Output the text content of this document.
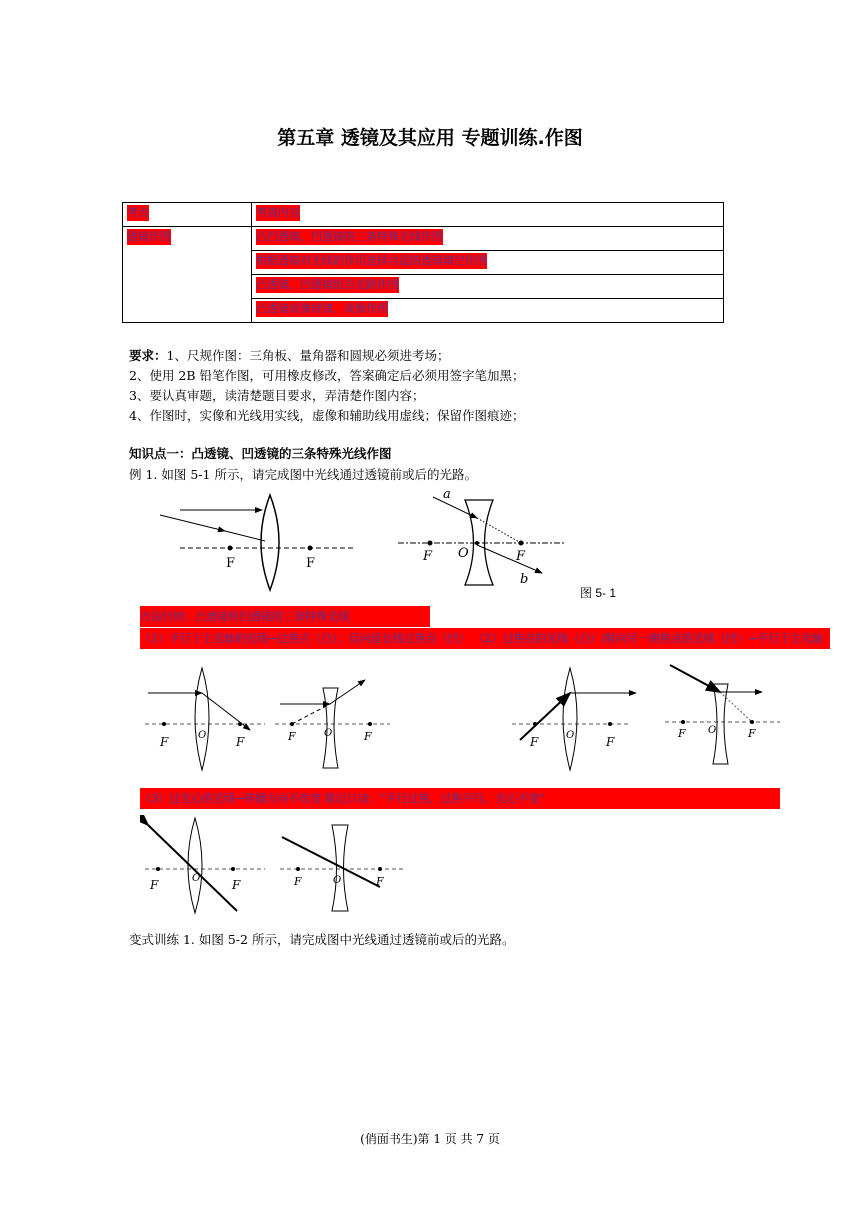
第五章 透镜及其应用 专题训练.作图
考点	考查内容
透镜作图	凸凹透镜、凹透镜的三条特殊光线作图
	根据透镜对光线的作用选择合适的透镜填空作图
	凸透镜、凹透镜组合光路作图
	凸透镜成像规律、成像作图
要求：1、尺规作图：三角板、量角器和圆规必须进考场；
2、使用 2B 铅笔作图，可用橡皮修改，答案确定后必须用签字笔加黑；
3、要认真审题，读清楚题目要求，弄清楚作图内容；
4、作图时，实像和光线用实线，虚像和辅助线用虚线；保留作图痕迹；
知识点一：凸透镜、凹透镜的三条特殊光线作图
例 1. 如图 5-1 所示，请完成图中光线通过透镜前或后的光路。
F	F
a
F O	F
b
图 5- 1
方法归纳：凸透镜和凹透镜的三条特殊光线
（1）平行于主光轴的光线→过焦点（凸）；反向延长线过焦点（凹） （2）过焦点的光线（凸）/射向另一侧焦点的光线（凹）→平行于主光轴
F	O F	F	O	F	F	O	F
F O	F
（3）过光心的光线→传播方向不改变 简记口诀：“平行过焦，过焦平行，光心不变”
F	O	F	F	O	F
变式训练 1. 如图 5-2 所示，请完成图中光线通过透镜前或后的光路。
(俏面书生)第 1 页 共 7 页
